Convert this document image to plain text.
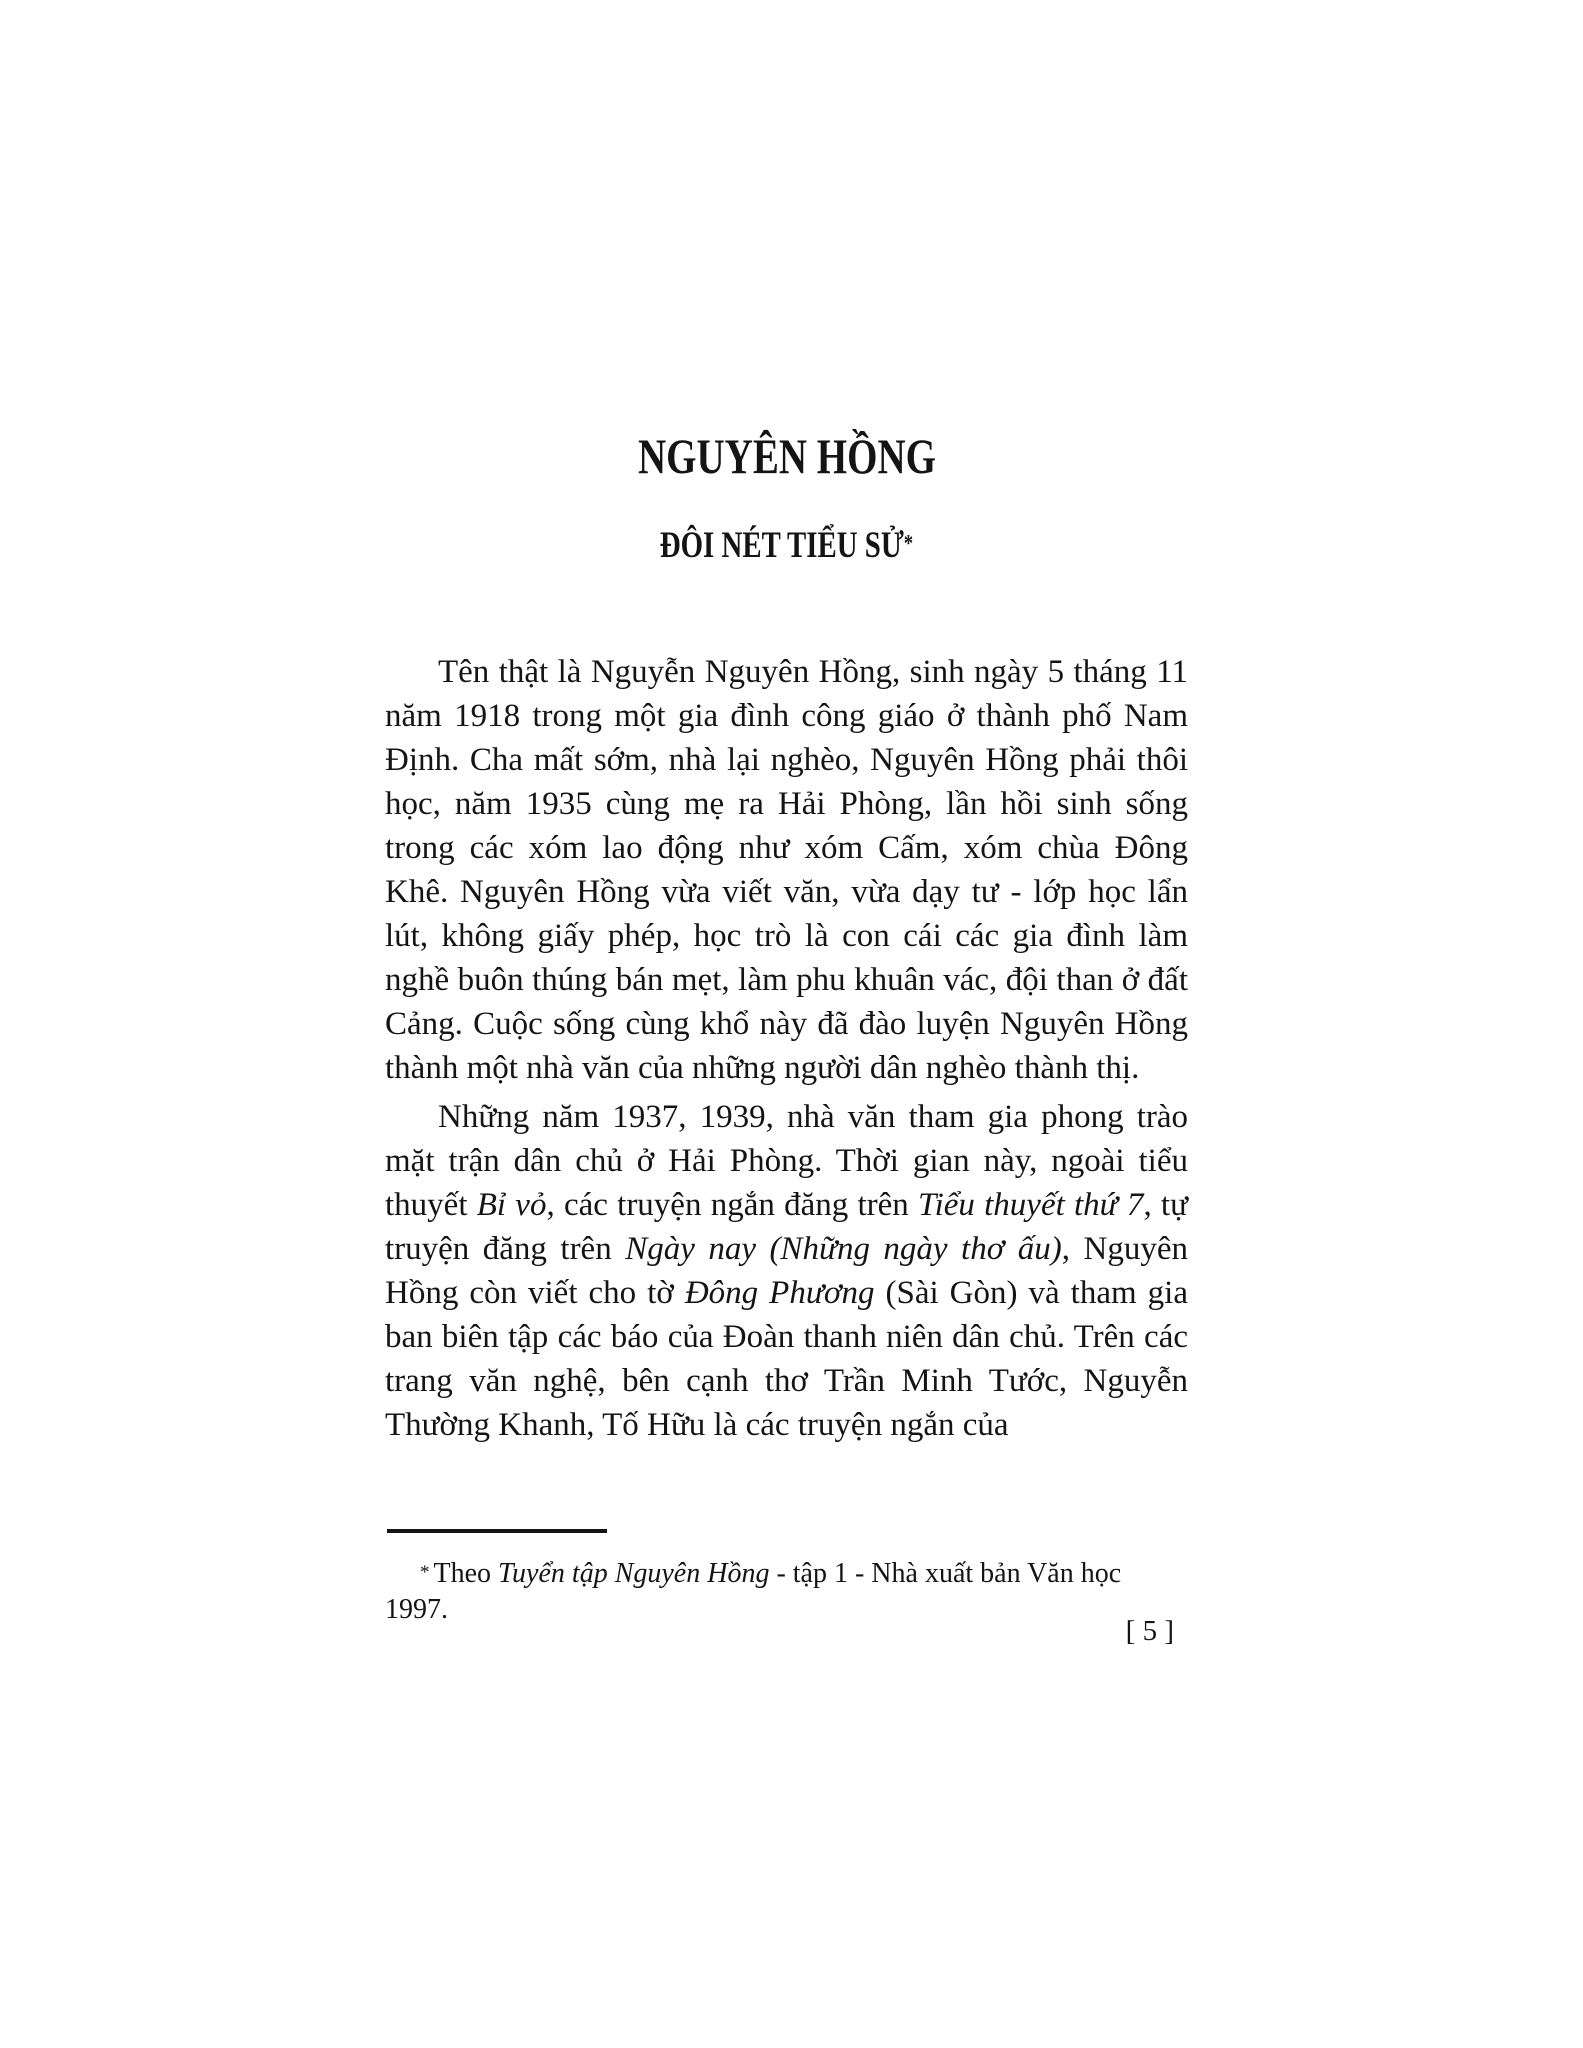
NGUYÊN HỒNG
ĐÔI NÉT TIỂU SỬ*

Tên thật là Nguyễn Nguyên Hồng, sinh ngày 5 tháng 11 năm 1918 trong một gia đình công giáo ở thành phố Nam Định. Cha mất sớm, nhà lại nghèo, Nguyên Hồng phải thôi học, năm 1935 cùng mẹ ra Hải Phòng, lần hồi sinh sống trong các xóm lao động như xóm Cấm, xóm chùa Đông Khê. Nguyên Hồng vừa viết văn, vừa dạy tư - lớp học lẩn lút, không giấy phép, học trò là con cái các gia đình làm nghề buôn thúng bán mẹt, làm phu khuân vác, đội than ở đất Cảng. Cuộc sống cùng khổ này đã đào luyện Nguyên Hồng thành một nhà văn của những người dân nghèo thành thị.

Những năm 1937, 1939, nhà văn tham gia phong trào mặt trận dân chủ ở Hải Phòng. Thời gian này, ngoài tiểu thuyết Bỉ vỏ, các truyện ngắn đăng trên Tiểu thuyết thứ 7, tự truyện đăng trên Ngày nay (Những ngày thơ ấu), Nguyên Hồng còn viết cho tờ Đông Phương (Sài Gòn) và tham gia ban biên tập các báo của Đoàn thanh niên dân chủ. Trên các trang văn nghệ, bên cạnh thơ Trần Minh Tước, Nguyễn Thường Khanh, Tố Hữu là các truyện ngắn của

* Theo Tuyển tập Nguyên Hồng - tập 1 - Nhà xuất bản Văn học 1997.
[ 5 ]
